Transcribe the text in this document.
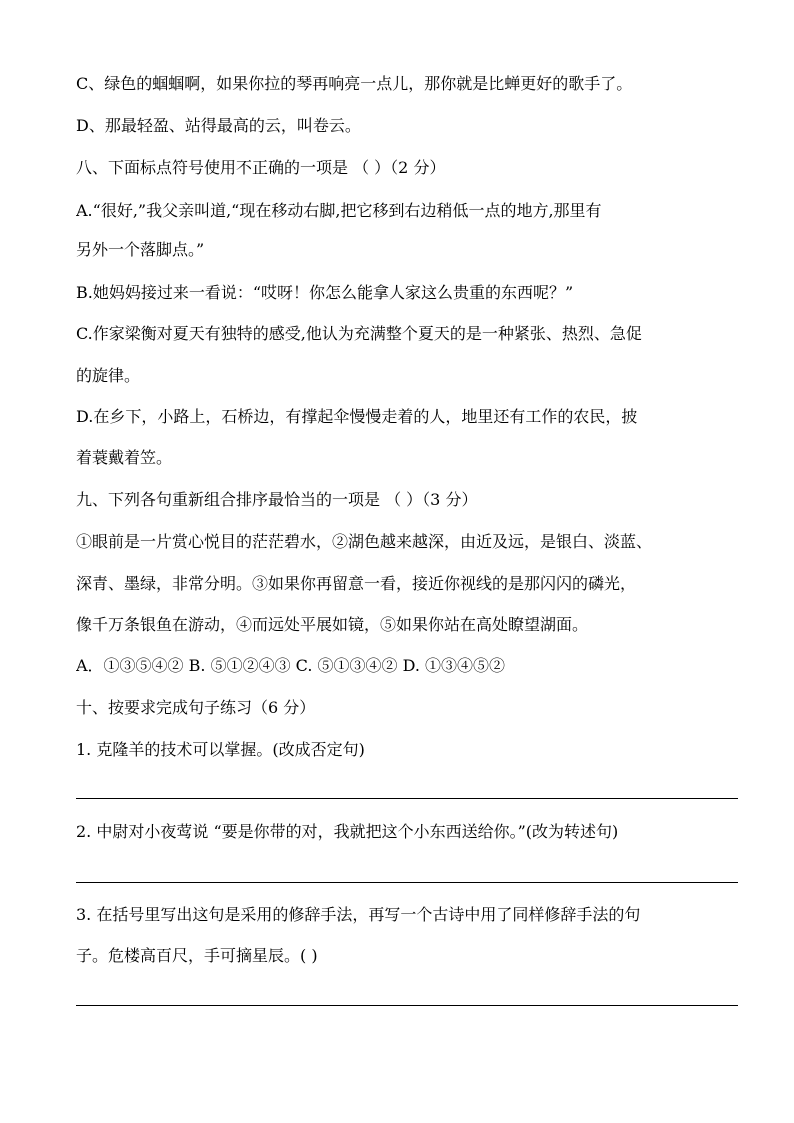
C、绿色的蝈蝈啊，如果你拉的琴再响亮一点儿，那你就是比蝉更好的歌手了。
D、那最轻盈、站得最高的云，叫卷云。
八、下面标点符号使用不正确的一项是 （ ）（2 分）
A.“很好,”我父亲叫道,“现在移动右脚,把它移到右边稍低一点的地方,那里有
另外一个落脚点。”
B.她妈妈接过来一看说：“哎呀！你怎么能拿人家这么贵重的东西呢？”
C.作家梁衡对夏天有独特的感受,他认为充满整个夏天的是一种紧张、热烈、急促
的旋律。
D.在乡下，小路上，石桥边，有撑起伞慢慢走着的人，地里还有工作的农民，披
着蓑戴着笠。
九、下列各句重新组合排序最恰当的一项是 （ ）（3 分）
①眼前是一片赏心悦目的茫茫碧水，②湖色越来越深，由近及远，是银白、淡蓝、
深青、墨绿，非常分明。③如果你再留意一看，接近你视线的是那闪闪的磷光，
像千万条银鱼在游动，④而远处平展如镜，⑤如果你站在高处瞭望湖面。
A．①③⑤④② B. ⑤①②④③ C. ⑤①③④② D. ①③④⑤②
十、按要求完成句子练习（6 分）
1. 克隆羊的技术可以掌握。(改成否定句)
2. 中尉对小夜莺说 “要是你带的对，我就把这个小东西送给你。”(改为转述句)
3. 在括号里写出这句是采用的修辞手法，再写一个古诗中用了同样修辞手法的句
子。危楼高百尺，手可摘星辰。( )
